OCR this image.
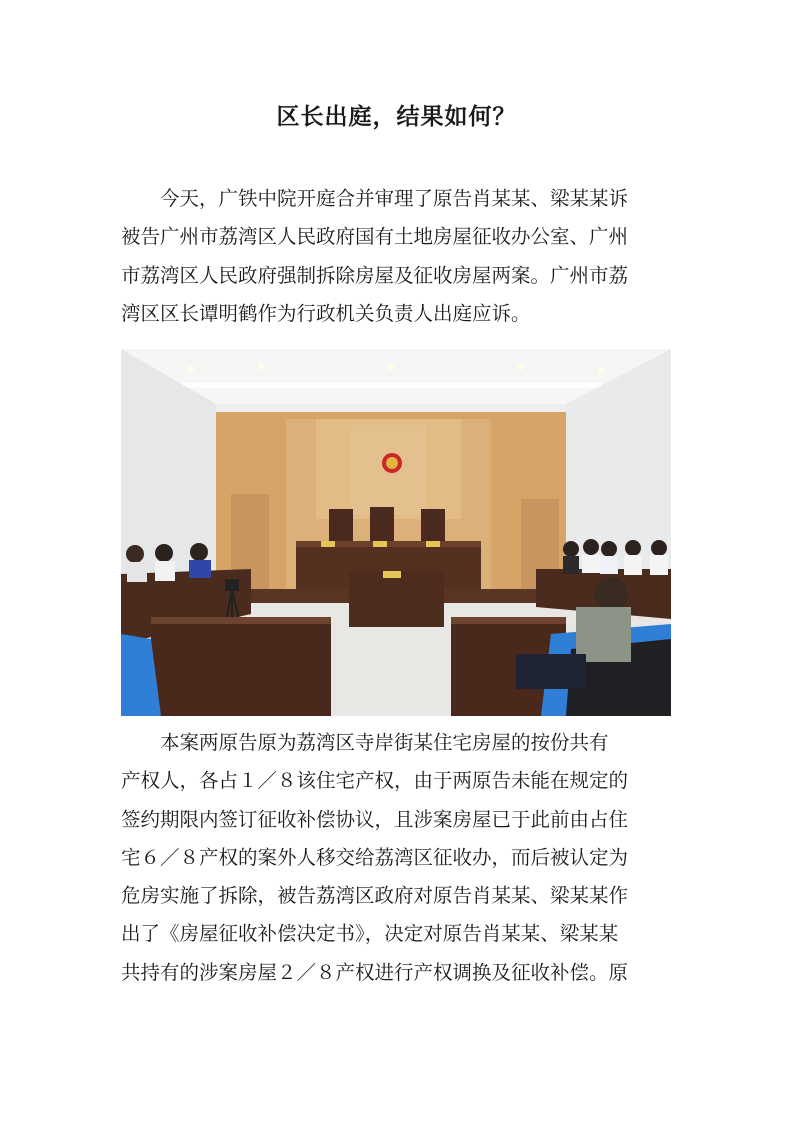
区长出庭，结果如何？
　　今天，广铁中院开庭合并审理了原告肖某某、梁某某诉
被告广州市荔湾区人民政府国有土地房屋征收办公室、广州
市荔湾区人民政府强制拆除房屋及征收房屋两案。广州市荔
湾区区长谭明鹤作为行政机关负责人出庭应诉。
　　本案两原告原为荔湾区寺岸街某住宅房屋的按份共有
产权人，各占１／８该住宅产权，由于两原告未能在规定的
签约期限内签订征收补偿协议，且涉案房屋已于此前由占住
宅６／８产权的案外人移交给荔湾区征收办，而后被认定为
危房实施了拆除，被告荔湾区政府对原告肖某某、梁某某作
出了《房屋征收补偿决定书》，决定对原告肖某某、梁某某
共持有的涉案房屋２／８产权进行产权调换及征收补偿。原
